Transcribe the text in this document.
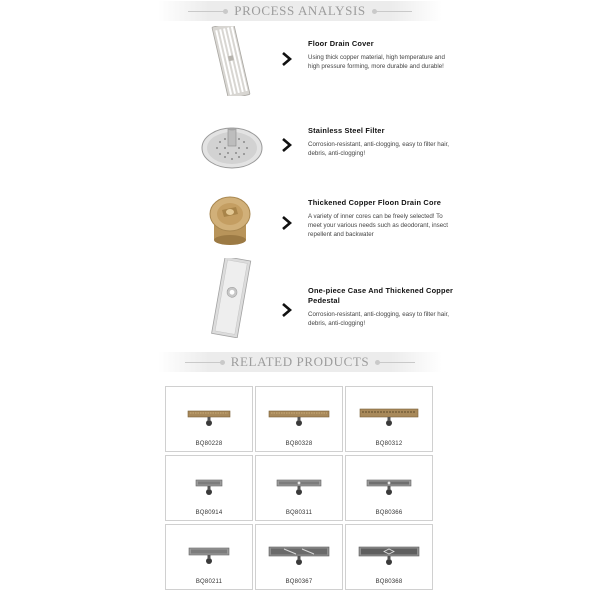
PROCESS ANALYSIS
Floor Drain Cover
Using thick copper material, high temperature and high pressure forming, more durable and durable!
Stainless Steel Filter
Corrosion-resistant, anti-clogging, easy to filter hair, debris, anti-clogging!
Thickened Copper Floon Drain Core
A variety of inner cores can be freely selected! To meet your various needs such as deodorant, insect repellent and backwater
One-piece Case And Thickened Copper Pedestal
Corrosion-resistant, anti-clogging, easy to filter hair, debris, anti-clogging!
RELATED PRODUCTS
BQ80228	BQ80328	BQ80312
BQ80914	BQ80311	BQ80366
BQ80211	BQ80367	BQ80368
